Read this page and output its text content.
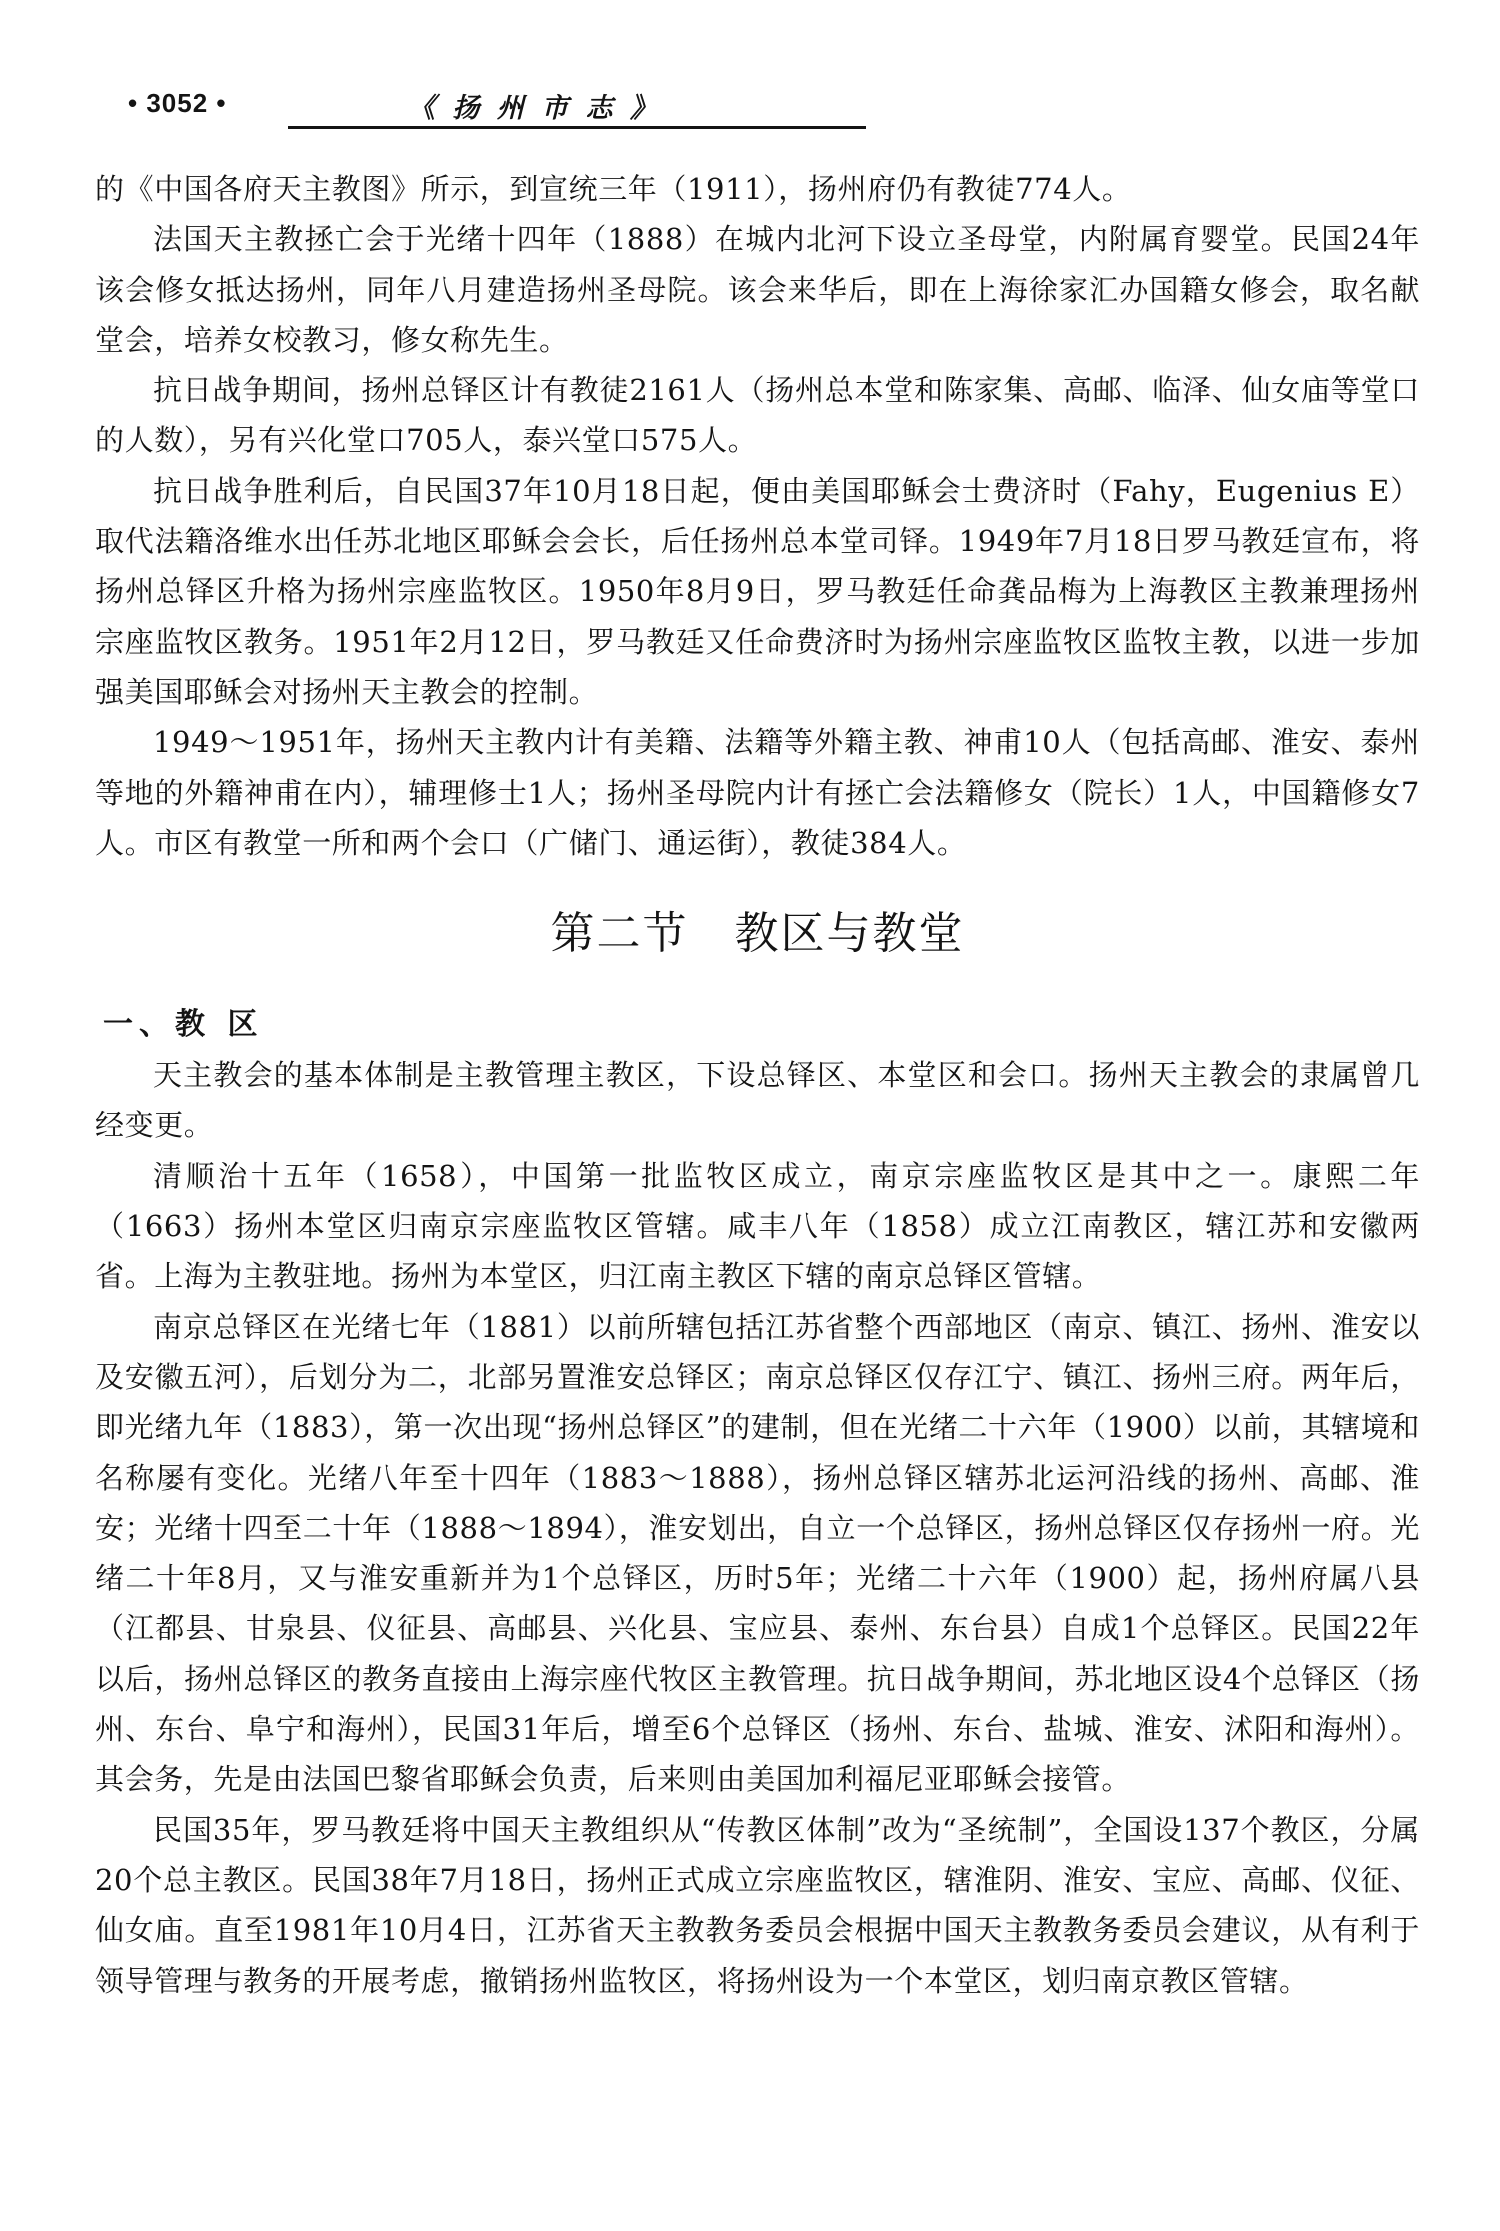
• 3052 •	《 扬 州 市 志 》

的《中国各府天主教图》所示，到宣统三年（1911），扬州府仍有教徒774人。

法国天主教拯亡会于光绪十四年（1888）在城内北河下设立圣母堂，内附属育婴堂。民国24年该会修女抵达扬州，同年八月建造扬州圣母院。该会来华后，即在上海徐家汇办国籍女修会，取名献堂会，培养女校教习，修女称先生。

抗日战争期间，扬州总铎区计有教徒2161人（扬州总本堂和陈家集、高邮、临泽、仙女庙等堂口的人数），另有兴化堂口705人，泰兴堂口575人。

抗日战争胜利后，自民国37年10月18日起，便由美国耶稣会士费济时（Fahy，Eugenius E）取代法籍洛维水出任苏北地区耶稣会会长，后任扬州总本堂司铎。1949年7月18日罗马教廷宣布，将扬州总铎区升格为扬州宗座监牧区。1950年8月9日，罗马教廷任命龚品梅为上海教区主教兼理扬州宗座监牧区教务。1951年2月12日，罗马教廷又任命费济时为扬州宗座监牧区监牧主教，以进一步加强美国耶稣会对扬州天主教会的控制。

1949～1951年，扬州天主教内计有美籍、法籍等外籍主教、神甫10人（包括高邮、淮安、泰州等地的外籍神甫在内），辅理修士1人；扬州圣母院内计有拯亡会法籍修女（院长）1人，中国籍修女7人。市区有教堂一所和两个会口（广储门、通运街），教徒384人。

第二节　教区与教堂
一、教 区

天主教会的基本体制是主教管理主教区，下设总铎区、本堂区和会口。扬州天主教会的隶属曾几经变更。

清顺治十五年（1658），中国第一批监牧区成立，南京宗座监牧区是其中之一。康熙二年（1663）扬州本堂区归南京宗座监牧区管辖。咸丰八年（1858）成立江南教区，辖江苏和安徽两省。上海为主教驻地。扬州为本堂区，归江南主教区下辖的南京总铎区管辖。

南京总铎区在光绪七年（1881）以前所辖包括江苏省整个西部地区（南京、镇江、扬州、淮安以及安徽五河），后划分为二，北部另置淮安总铎区；南京总铎区仅存江宁、镇江、扬州三府。两年后，即光绪九年（1883），第一次出现“扬州总铎区”的建制，但在光绪二十六年（1900）以前，其辖境和名称屡有变化。光绪八年至十四年（1883～1888），扬州总铎区辖苏北运河沿线的扬州、高邮、淮安；光绪十四至二十年（1888～1894），淮安划出，自立一个总铎区，扬州总铎区仅存扬州一府。光绪二十年8月，又与淮安重新并为1个总铎区，历时5年；光绪二十六年（1900）起，扬州府属八县（江都县、甘泉县、仪征县、高邮县、兴化县、宝应县、泰州、东台县）自成1个总铎区。民国22年以后，扬州总铎区的教务直接由上海宗座代牧区主教管理。抗日战争期间，苏北地区设4个总铎区（扬州、东台、阜宁和海州），民国31年后，增至6个总铎区（扬州、东台、盐城、淮安、沭阳和海州）。其会务，先是由法国巴黎省耶稣会负责，后来则由美国加利福尼亚耶稣会接管。

民国35年，罗马教廷将中国天主教组织从“传教区体制”改为“圣统制”，全国设137个教区，分属20个总主教区。民国38年7月18日，扬州正式成立宗座监牧区，辖淮阴、淮安、宝应、高邮、仪征、仙女庙。直至1981年10月4日，江苏省天主教教务委员会根据中国天主教教务委员会建议，从有利于领导管理与教务的开展考虑，撤销扬州监牧区，将扬州设为一个本堂区，划归南京教区管辖。
